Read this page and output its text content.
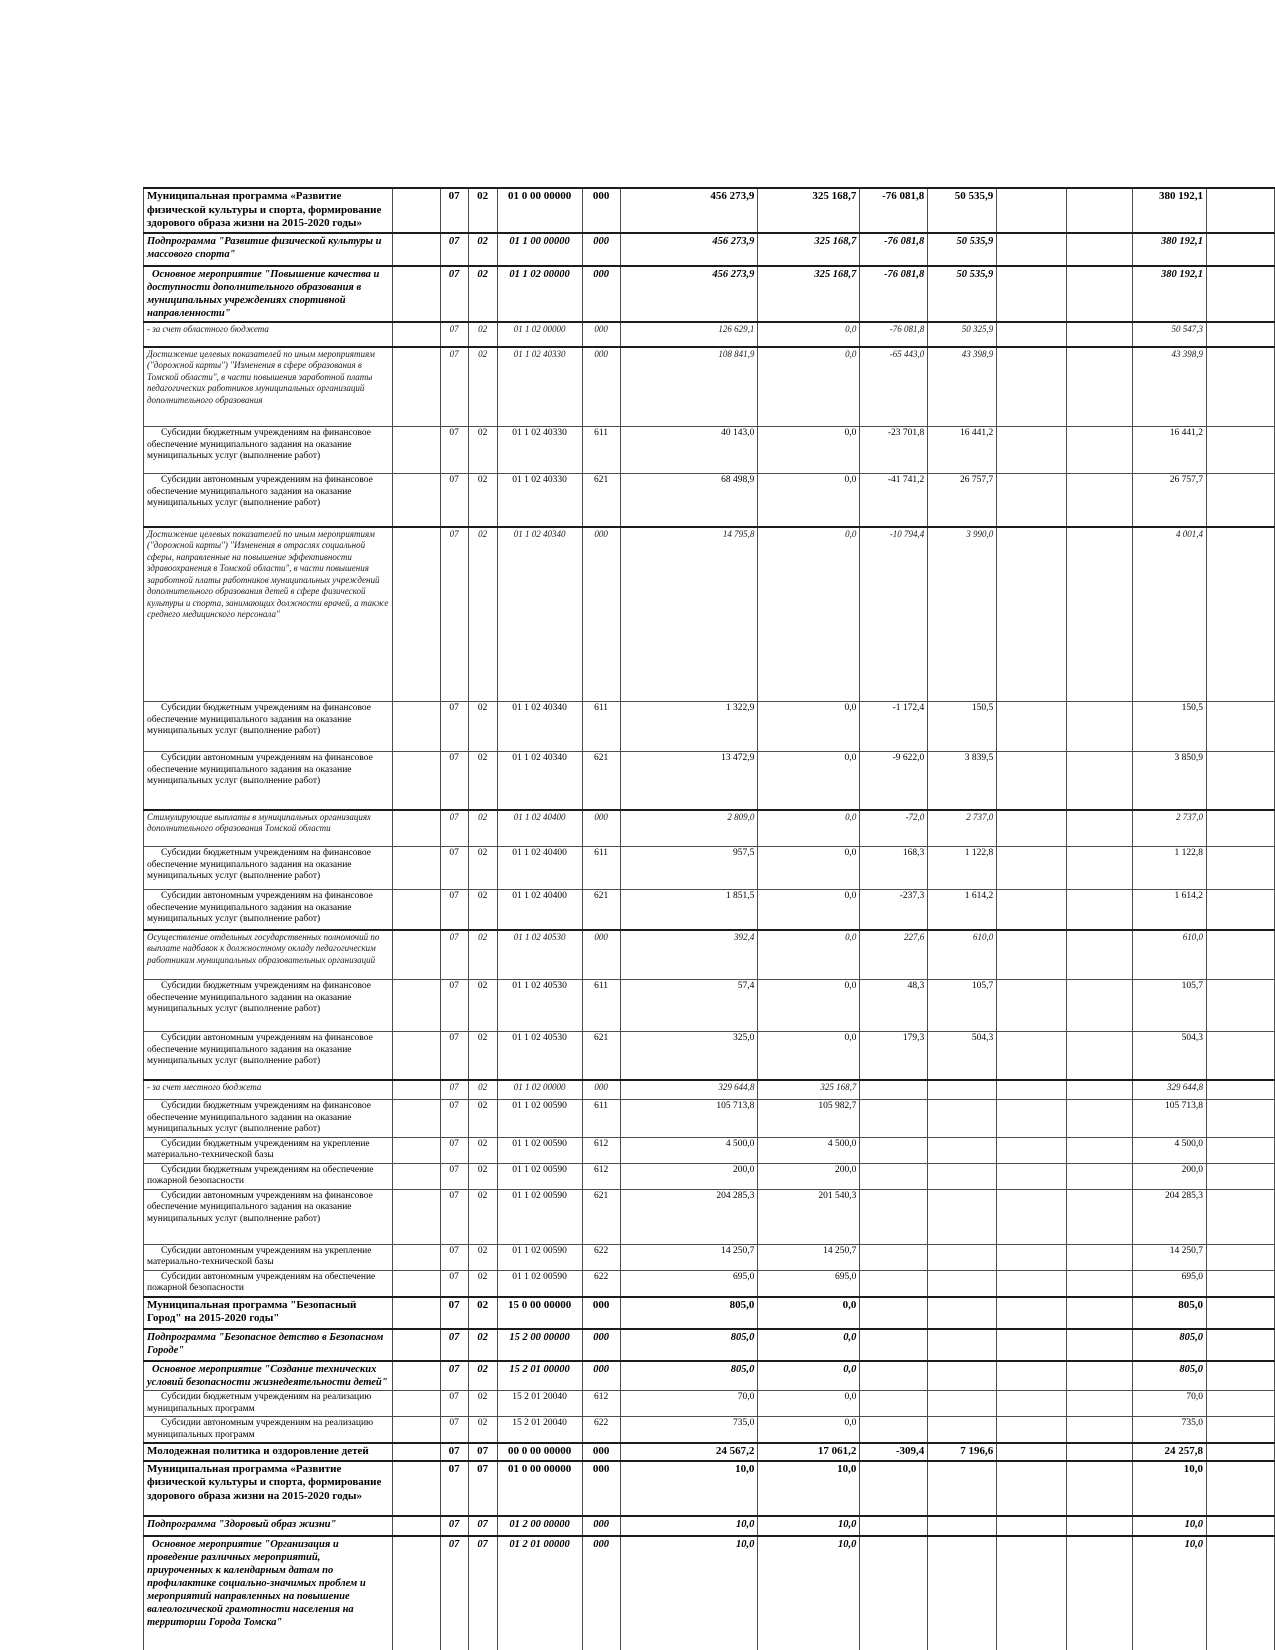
Муниципальная программа «Развитие физической культуры и спорта, формирование здорового образа жизни на 2015-2020 годы»		07	02	01 0 00 00000	000	456 273,9	325 168,7	-76 081,8	50 535,9			380 192,1	
Подпрограмма "Развитие физической культуры и массового спорта"		07	02	01 1 00 00000	000	456 273,9	325 168,7	-76 081,8	50 535,9			380 192,1	
Основное мероприятие "Повышение качества и доступности дополнительного образования в муниципальных учреждениях спортивной направленности"		07	02	01 1 02 00000	000	456 273,9	325 168,7	-76 081,8	50 535,9			380 192,1	
- за счет областного бюджета		07	02	01 1 02 00000	000	126 629,1	0,0	-76 081,8	50 325,9			50 547,3	
Достижение целевых показателей по иным мероприятиям ("дорожной карты") "Изменения в сфере образования в Томской области", в части повышения заработной платы педагогических работников муниципальных организаций дополнительного образования		07	02	01 1 02 40330	000	108 841,9	0,0	-65 443,0	43 398,9			43 398,9	
Субсидии бюджетным учреждениям на финансовое обеспечение муниципального задания на оказание муниципальных услуг (выполнение работ)		07	02	01 1 02 40330	611	40 143,0	0,0	-23 701,8	16 441,2			16 441,2	
Субсидии автономным учреждениям на финансовое обеспечение муниципального задания на оказание муниципальных услуг (выполнение работ)		07	02	01 1 02 40330	621	68 498,9	0,0	-41 741,2	26 757,7			26 757,7	
Достижение целевых показателей по иным мероприятиям ("дорожной карты") "Изменения в отраслях социальной сферы, направленные на повышение эффективности здравоохранения в Томской области", в части повышения заработной платы работников муниципальных учреждений дополнительного образования детей в сфере физической культуры и спорта, занимающих должности врачей, а также среднего медицинского персонала"		07	02	01 1 02 40340	000	14 795,8	0,0	-10 794,4	3 990,0			4 001,4	
Субсидии бюджетным учреждениям на финансовое обеспечение муниципального задания на оказание муниципальных услуг (выполнение работ)		07	02	01 1 02 40340	611	1 322,9	0,0	-1 172,4	150,5			150,5	
Субсидии автономным учреждениям на финансовое обеспечение муниципального задания на оказание муниципальных услуг (выполнение работ)		07	02	01 1 02 40340	621	13 472,9	0,0	-9 622,0	3 839,5			3 850,9	
Стимулирующие выплаты в муниципальных организациях дополнительного образования Томской области		07	02	01 1 02 40400	000	2 809,0	0,0	-72,0	2 737,0			2 737,0	
Субсидии бюджетным учреждениям на финансовое обеспечение муниципального задания на оказание муниципальных услуг (выполнение работ)		07	02	01 1 02 40400	611	957,5	0,0	168,3	1 122,8			1 122,8	
Субсидии автономным учреждениям на финансовое обеспечение муниципального задания на оказание муниципальных услуг (выполнение работ)		07	02	01 1 02 40400	621	1 851,5	0,0	-237,3	1 614,2			1 614,2	
Осуществление отдельных государственных полномочий по выплате надбавок к должностному окладу педагогическим работникам муниципальных образовательных организаций		07	02	01 1 02 40530	000	392,4	0,0	227,6	610,0			610,0	
Субсидии бюджетным учреждениям на финансовое обеспечение муниципального задания на оказание муниципальных услуг (выполнение работ)		07	02	01 1 02 40530	611	57,4	0,0	48,3	105,7			105,7	
Субсидии автономным учреждениям на финансовое обеспечение муниципального задания на оказание муниципальных услуг (выполнение работ)		07	02	01 1 02 40530	621	325,0	0,0	179,3	504,3			504,3	
- за счет местного бюджета		07	02	01 1 02 00000	000	329 644,8	325 168,7					329 644,8	
Субсидии бюджетным учреждениям на финансовое обеспечение муниципального задания на оказание муниципальных услуг (выполнение работ)		07	02	01 1 02 00590	611	105 713,8	105 982,7					105 713,8	
Субсидии бюджетным учреждениям на укрепление материально-технической базы		07	02	01 1 02 00590	612	4 500,0	4 500,0					4 500,0	
Субсидии бюджетным учреждениям на обеспечение пожарной безопасности		07	02	01 1 02 00590	612	200,0	200,0					200,0	
Субсидии автономным учреждениям на финансовое обеспечение муниципального задания на оказание муниципальных услуг (выполнение работ)		07	02	01 1 02 00590	621	204 285,3	201 540,3					204 285,3	
Субсидии автономным учреждениям на укрепление материально-технической базы		07	02	01 1 02 00590	622	14 250,7	14 250,7					14 250,7	
Субсидии автономным учреждениям на обеспечение пожарной безопасности		07	02	01 1 02 00590	622	695,0	695,0					695,0	
Муниципальная программа "Безопасный Город" на 2015-2020 годы"		07	02	15 0 00 00000	000	805,0	0,0					805,0	
Подпрограмма "Безопасное детство в Безопасном Городе"		07	02	15 2 00 00000	000	805,0	0,0					805,0	
Основное мероприятие "Создание технических условий безопасности жизнедеятельности детей"		07	02	15 2 01 00000	000	805,0	0,0					805,0	
Субсидии бюджетным учреждениям на реализацию муниципальных программ		07	02	15 2 01 20040	612	70,0	0,0					70,0	
Субсидии автономным учреждениям на реализацию муниципальных программ		07	02	15 2 01 20040	622	735,0	0,0					735,0	
Молодежная политика и оздоровление детей		07	07	00 0 00 00000	000	24 567,2	17 061,2	-309,4	7 196,6			24 257,8	
Муниципальная программа «Развитие физической культуры и спорта, формирование здорового образа жизни на 2015-2020 годы»		07	07	01 0 00 00000	000	10,0	10,0					10,0	
Подпрограмма "Здоровый образ жизни"		07	07	01 2 00 00000	000	10,0	10,0					10,0	
Основное мероприятие "Организация и проведение различных мероприятий, приуроченных к календарным датам по профилактике социально-значимых проблем и мероприятий направленных на повышение валеологической грамотности населения на территории Города Томска"		07	07	01 2 01 00000	000	10,0	10,0					10,0	
